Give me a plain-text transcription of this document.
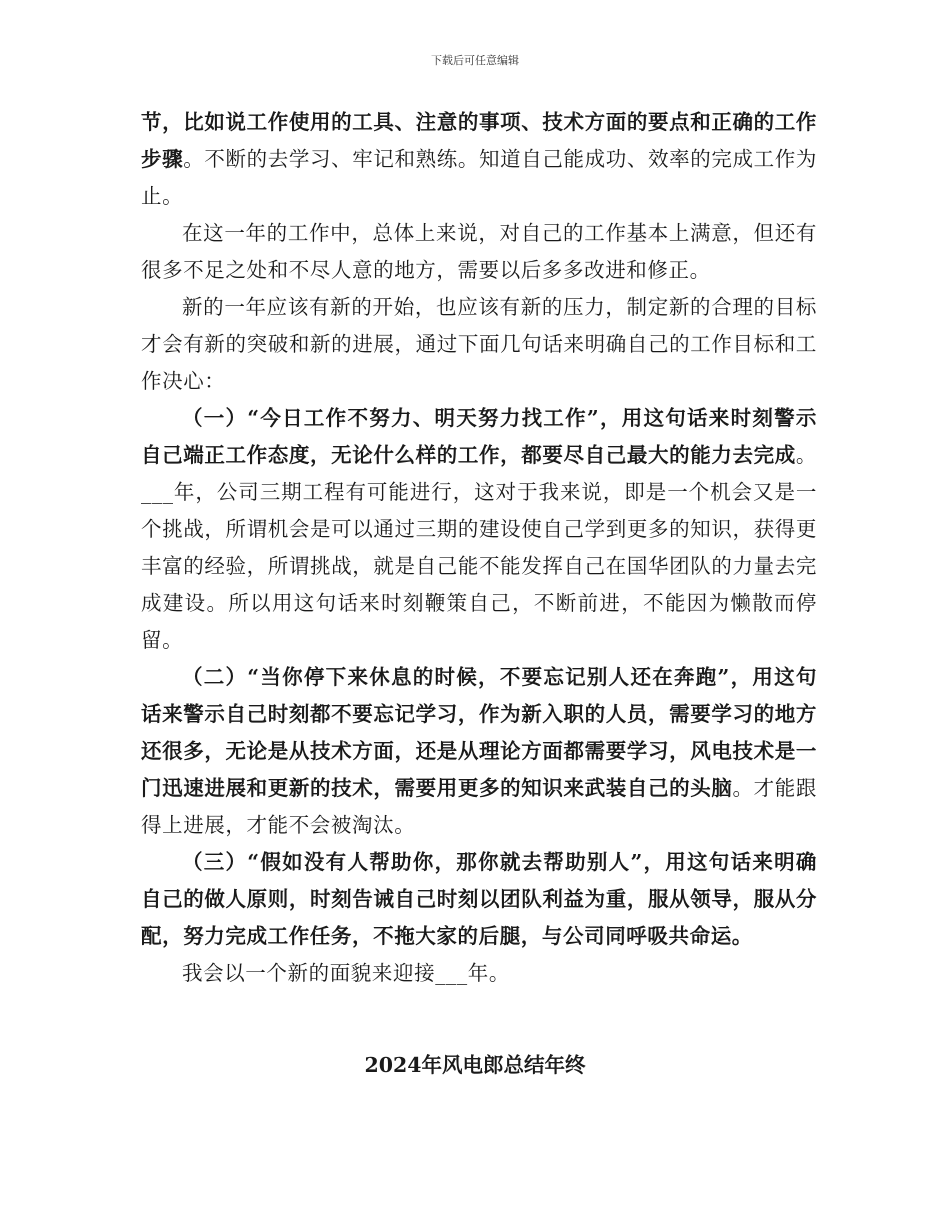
下载后可任意编辑

节，比如说工作使用的工具、注意的事项、技术方面的要点和正确的工作步骤。不断的去学习、牢记和熟练。知道自己能成功、效率的完成工作为止。

在这一年的工作中，总体上来说，对自己的工作基本上满意，但还有很多不足之处和不尽人意的地方，需要以后多多改进和修正。

新的一年应该有新的开始，也应该有新的压力，制定新的合理的目标才会有新的突破和新的进展，通过下面几句话来明确自己的工作目标和工作决心：

（一）“今日工作不努力、明天努力找工作”，用这句话来时刻警示自己端正工作态度，无论什么样的工作，都要尽自己最大的能力去完成。___年，公司三期工程有可能进行，这对于我来说，即是一个机会又是一个挑战，所谓机会是可以通过三期的建设使自己学到更多的知识，获得更丰富的经验，所谓挑战，就是自己能不能发挥自己在国华团队的力量去完成建设。所以用这句话来时刻鞭策自己，不断前进，不能因为懒散而停留。

（二）“当你停下来休息的时候，不要忘记别人还在奔跑”，用这句话来警示自己时刻都不要忘记学习，作为新入职的人员，需要学习的地方还很多，无论是从技术方面，还是从理论方面都需要学习，风电技术是一门迅速进展和更新的技术，需要用更多的知识来武装自己的头脑。才能跟得上进展，才能不会被淘汰。

（三）“假如没有人帮助你，那你就去帮助别人”，用这句话来明确自己的做人原则，时刻告诫自己时刻以团队利益为重，服从领导，服从分配，努力完成工作任务，不拖大家的后腿，与公司同呼吸共命运。

我会以一个新的面貌来迎接___年。

2024年风电郎总结年终
